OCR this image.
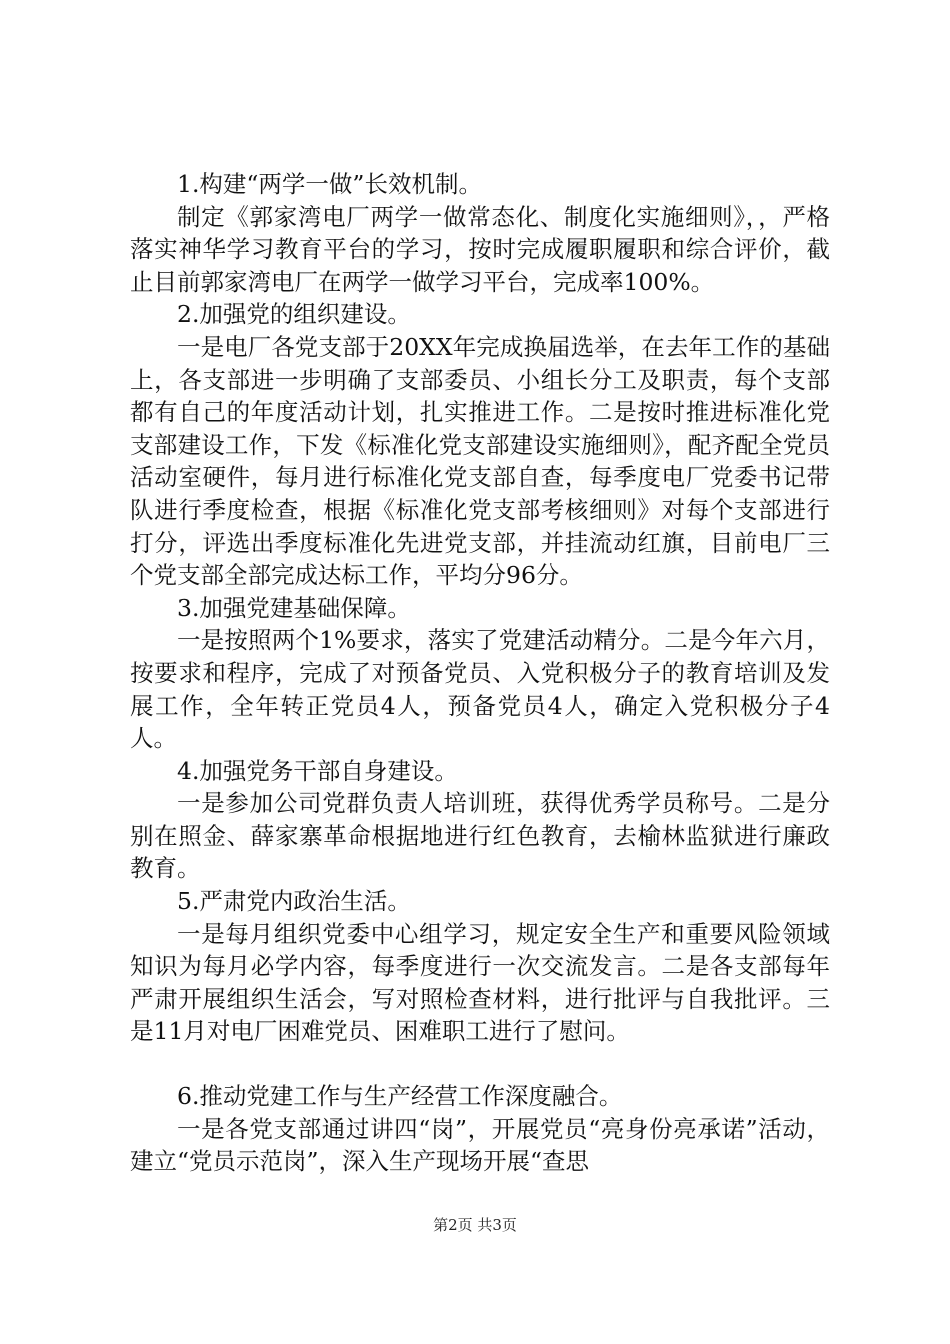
1.构建“两学一做”长效机制。

制定《郭家湾电厂两学一做常态化、制度化实施细则》，，严格落实神华学习教育平台的学习，按时完成履职履职和综合评价，截止目前郭家湾电厂在两学一做学习平台，完成率100%。

2.加强党的组织建设。

一是电厂各党支部于20XX年完成换届选举，在去年工作的基础上，各支部进一步明确了支部委员、小组长分工及职责，每个支部都有自己的年度活动计划，扎实推进工作。二是按时推进标准化党支部建设工作，下发《标准化党支部建设实施细则》，配齐配全党员活动室硬件，每月进行标准化党支部自查，每季度电厂党委书记带队进行季度检查，根据《标准化党支部考核细则》对每个支部进行打分，评选出季度标准化先进党支部，并挂流动红旗，目前电厂三个党支部全部完成达标工作，平均分96分。

3.加强党建基础保障。

一是按照两个1%要求，落实了党建活动精分。二是今年六月，按要求和程序，完成了对预备党员、入党积极分子的教育培训及发展工作，全年转正党员4人，预备党员4人，确定入党积极分子4人。

4.加强党务干部自身建设。

一是参加公司党群负责人培训班，获得优秀学员称号。二是分别在照金、薛家寨革命根据地进行红色教育，去榆林监狱进行廉政教育。

5.严肃党内政治生活。

一是每月组织党委中心组学习，规定安全生产和重要风险领域知识为每月必学内容，每季度进行一次交流发言。二是各支部每年严肃开展组织生活会，写对照检查材料，进行批评与自我批评。三是11月对电厂困难党员、困难职工进行了慰问。

6.推动党建工作与生产经营工作深度融合。

一是各党支部通过讲四“岗”，开展党员“亮身份亮承诺”活动，建立“党员示范岗”，深入生产现场开展“查思

第2页 共3页
